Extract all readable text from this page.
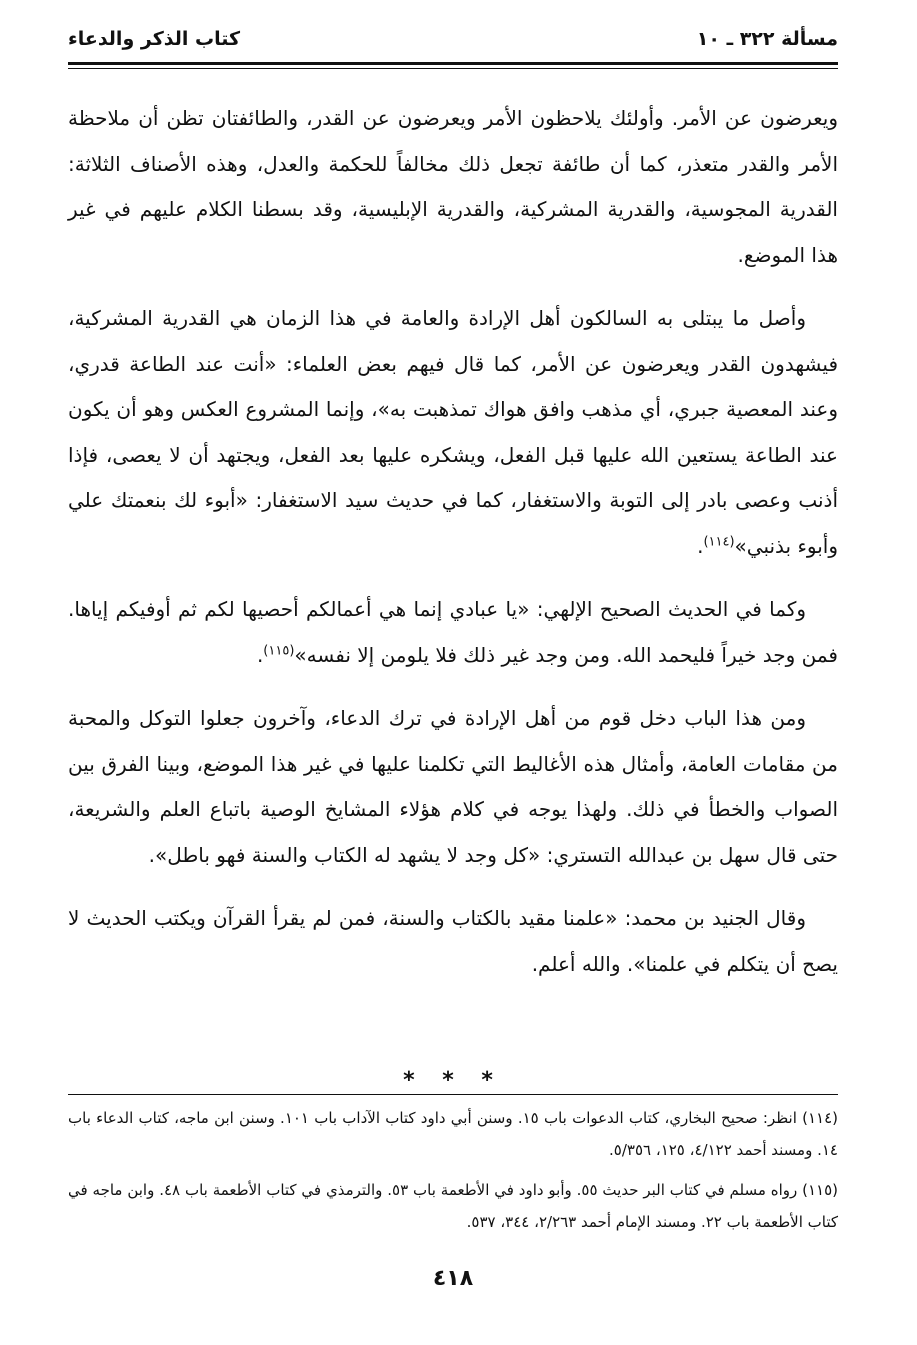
مسألة ٣٢٢ ـ ١٠
كتاب الذكر والدعاء

ويعرضون عن الأمر. وأولئك يلاحظون الأمر ويعرضون عن القدر، والطائفتان تظن أن ملاحظة الأمر والقدر متعذر، كما أن طائفة تجعل ذلك مخالفاً للحكمة والعدل، وهذه الأصناف الثلاثة: القدرية المجوسية، والقدرية المشركية، والقدرية الإبليسية، وقد بسطنا الكلام عليهم في غير هذا الموضع.

وأصل ما يبتلى به السالكون أهل الإرادة والعامة في هذا الزمان هي القدرية المشركية، فيشهدون القدر ويعرضون عن الأمر، كما قال فيهم بعض العلماء: «أنت عند الطاعة قدري، وعند المعصية جبري، أي مذهب وافق هواك تمذهبت به»، وإنما المشروع العكس وهو أن يكون عند الطاعة يستعين الله عليها قبل الفعل، ويشكره عليها بعد الفعل، ويجتهد أن لا يعصى، فإذا أذنب وعصى بادر إلى التوبة والاستغفار، كما في حديث سيد الاستغفار: «أبوء لك بنعمتك علي وأبوء بذنبي»$^{(١١٤)}$.

وكما في الحديث الصحيح الإلهي: «يا عبادي إنما هي أعمالكم أحصيها لكم ثم أوفيكم إياها. فمن وجد خيراً فليحمد الله. ومن وجد غير ذلك فلا يلومن إلا نفسه»$^{(١١٥)}$.

ومن هذا الباب دخل قوم من أهل الإرادة في ترك الدعاء، وآخرون جعلوا التوكل والمحبة من مقامات العامة، وأمثال هذه الأغاليط التي تكلمنا عليها في غير هذا الموضع، وبينا الفرق بين الصواب والخطأ في ذلك. ولهذا يوجه في كلام هؤلاء المشايخ الوصية باتباع العلم والشريعة، حتى قال سهل بن عبدالله التستري: «كل وجد لا يشهد له الكتاب والسنة فهو باطل».

وقال الجنيد بن محمد: «علمنا مقيد بالكتاب والسنة، فمن لم يقرأ القرآن ويكتب الحديث لا يصح أن يتكلم في علمنا». والله أعلم.

* * *

(١١٤) انظر: صحيح البخاري، كتاب الدعوات باب ١٥. وسنن أبي داود كتاب الآداب باب ١٠١. وسنن ابن ماجه، كتاب الدعاء باب ١٤. ومسند أحمد ٤/١٢٢، ١٢٥، ٥/٣٥٦.

(١١٥) رواه مسلم في كتاب البر حديث ٥٥. وأبو داود في الأطعمة باب ٥٣. والترمذي في كتاب الأطعمة باب ٤٨. وابن ماجه في كتاب الأطعمة باب ٢٢. ومسند الإمام أحمد ٢/٢٦٣، ٣٤٤، ٥٣٧.

٤١٨
